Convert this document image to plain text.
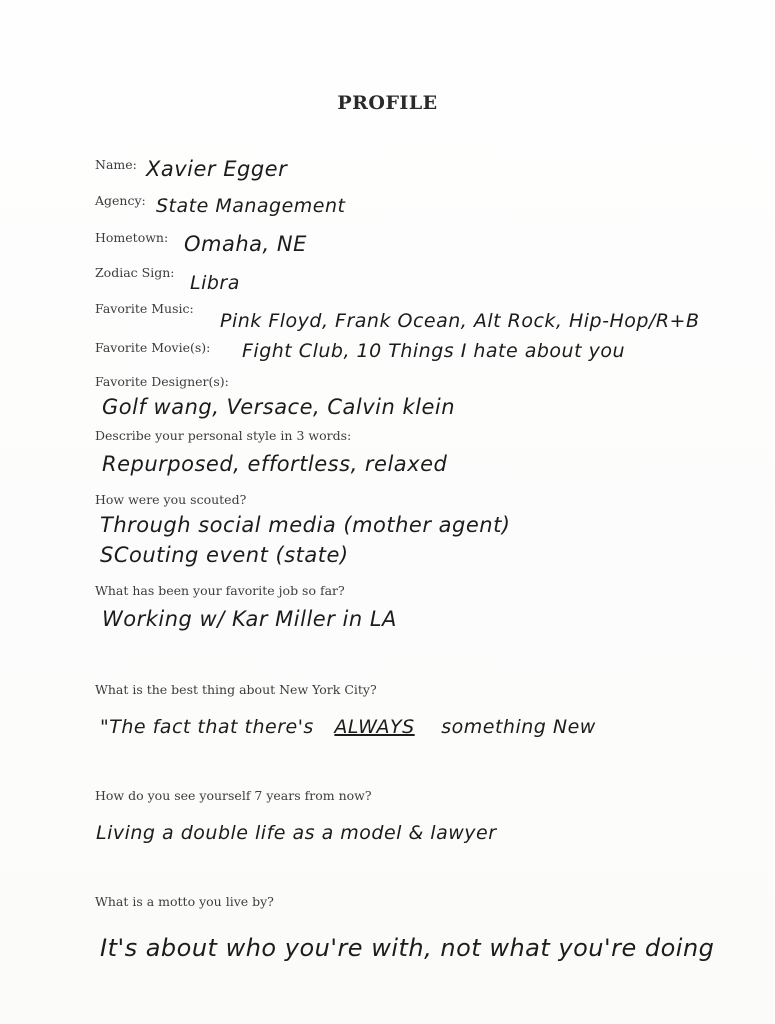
PROFILE
Name: Xavier Egger
Agency: State Management
Hometown: Omaha, NE
Zodiac Sign: Libra
Favorite Music:
Pink Floyd, Frank Ocean, Alt Rock, Hip-Hop/R+B
Favorite Movie(s): Fight Club, 10 Things I hate about you
Favorite Designer(s):
Golf wang, Versace, Calvin klein
Describe your personal style in 3 words:
Repurposed, effortless, relaxed
How were you scouted?
Through social media (mother agent)
SCouting event (state)
What has been your favorite job so far?
Working w/ Kar Miller in LA
What is the best thing about New York City?
"The fact that there's ALWAYS something New
How do you see yourself 7 years from now?
Living a double life as a model & lawyer
What is a motto you live by?
It's about who you're with, not what you're doing
